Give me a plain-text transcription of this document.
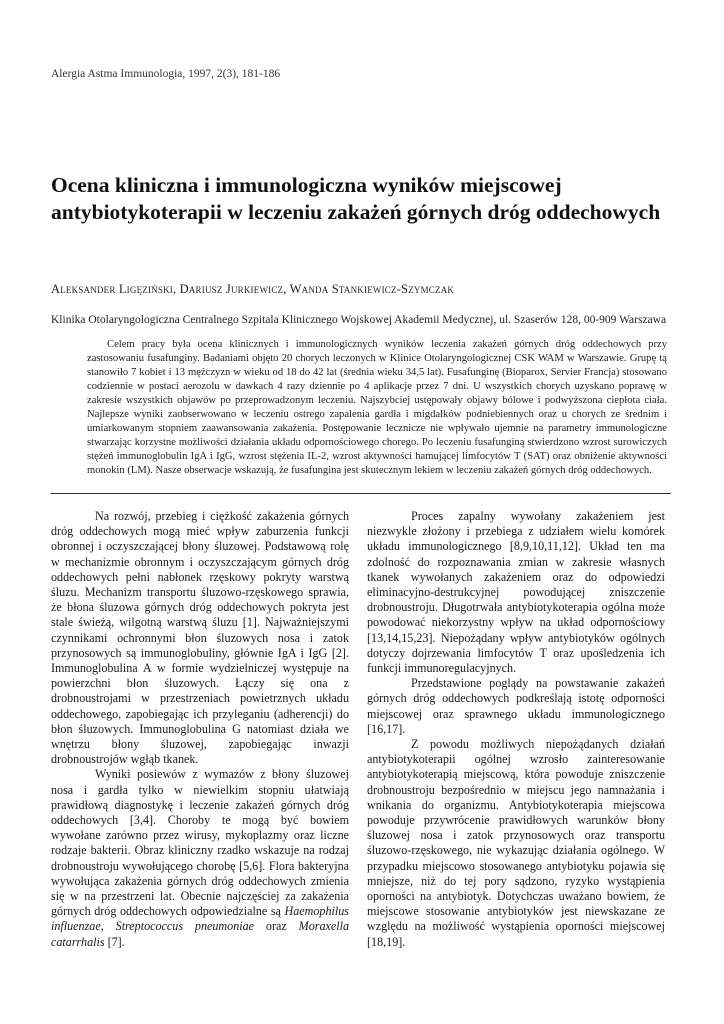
Alergia Astma Immunologia, 1997, 2(3), 181-186
Ocena kliniczna i immunologiczna wyników miejscowej antybiotykoterapii w leczeniu zakażeń górnych dróg oddechowych
Aleksander Ligęziński, Dariusz Jurkiewicz, Wanda Stankiewicz-Szymczak
Klinika Otolaryngologiczna Centralnego Szpitala Klinicznego Wojskowej Akademii Medycznej, ul. Szaserów 128, 00-909 Warszawa

Celem pracy była ocena klinicznych i immunologicznych wyników leczenia zakażeń górnych dróg oddechowych przy zastosowaniu fusafunginy. Badaniami objęto 20 chorych leczonych w Klinice Otolaryngologicznej CSK WAM w Warszawie. Grupę tą stanowiło 7 kobiet i 13 mężczyzn w wieku od 18 do 42 lat (średnia wieku 34,5 lat). Fusafunginę (Bioparox, Servier Francja) stosowano codziennie w postaci aerozolu w dawkach 4 razy dziennie po 4 aplikacje przez 7 dni. U wszystkich chorych uzyskano poprawę w zakresie wszystkich objawów po przeprowadzonym leczeniu. Najszybciej ustępowały objawy bólowe i podwyższona ciepłota ciała. Najlepsze wyniki zaobserwowano w leczeniu ostrego zapalenia gardła i migdałków podniebiennych oraz u chorych ze średnim i umiarkowanym stopniem zaawansowania zakażenia. Postępowanie lecznicze nie wpływało ujemnie na parametry immunologiczne stwarzając korzystne możliwości działania układu odpornościowego chorego. Po leczeniu fusafunginą stwierdzono wzrost surowiczych stężeń immunoglobulin IgA i IgG, wzrost stężenia IL-2, wzrost aktywności hamującej limfocytów T (SAT) oraz obniżenie aktywności monokin (LM). Nasze obserwacje wskazują, że fusafungina jest skutecznym lekiem w leczeniu zakażeń górnych dróg oddechowych.

Na rozwój, przebieg i ciężkość zakażenia górnych dróg oddechowych mogą mieć wpływ zaburzenia funkcji obronnej i oczyszczającej błony śluzowej. Podstawową rolę w mechanizmie obronnym i oczyszczającym górnych dróg oddechowych pełni nabłonek rzęskowy pokryty warstwą śluzu. Mechanizm transportu śluzowo-rzęskowego sprawia, że błona śluzowa górnych dróg oddechowych pokryta jest stale świeżą, wilgotną warstwą śluzu [1]. Najważniejszymi czynnikami ochronnymi błon śluzowych nosa i zatok przynosowych są immunoglobuliny, głównie IgA i IgG [2]. Immunoglobulina A w formie wydzielniczej występuje na powierzchni błon śluzowych. Łączy się ona z drobnoustrojami w przestrzeniach powietrznych układu oddechowego, zapobiegając ich przyleganiu (adherencji) do błon śluzowych. Immunoglobulina G natomiast działa we wnętrzu błony śluzowej, zapobiegając inwazji drobnoustrojów wgłąb tkanek.

Wyniki posiewów z wymazów z błony śluzowej nosa i gardła tylko w niewielkim stopniu ułatwiają prawidłową diagnostykę i leczenie zakażeń górnych dróg oddechowych [3,4]. Choroby te mogą być bowiem wywołane zarówno przez wirusy, mykoplazmy oraz liczne rodzaje bakterii. Obraz kliniczny rzadko wskazuje na rodzaj drobnoustroju wywołującego chorobę [5,6]. Flora bakteryjna wywołująca zakażenia górnych dróg oddechowych zmienia się w na przestrzeni lat. Obecnie najczęściej za zakażenia górnych dróg oddechowych odpowiedzialne są Haemophilus influenzae, Streptococcus pneumoniae oraz Moraxella catarrhalis [7].

Proces zapalny wywołany zakażeniem jest niezwykle złożony i przebiega z udziałem wielu komórek układu immunologicznego [8,9,10,11,12]. Układ ten ma zdolność do rozpoznawania zmian w zakresie własnych tkanek wywołanych zakażeniem oraz do odpowiedzi eliminacyjno-destrukcyjnej powodującej zniszczenie drobnoustroju. Długotrwała antybiotykoterapia ogólna może powodować niekorzystny wpływ na układ odpornościowy [13,14,15,23]. Niepożądany wpływ antybiotyków ogólnych dotyczy dojrzewania limfocytów T oraz upośledzenia ich funkcji immunoregulacyjnych.

Przedstawione poglądy na powstawanie zakażeń górnych dróg oddechowych podkreślają istotę odporności miejscowej oraz sprawnego układu immunologicznego [16,17].

Z powodu możliwych niepożądanych działań antybiotykoterapii ogólnej wzrosło zainteresowanie antybiotykoterapią miejscową, która powoduje zniszczenie drobnoustroju bezpośrednio w miejscu jego namnażania i wnikania do organizmu. Antybiotykoterapia miejscowa powoduje przywrócenie prawidłowych warunków błony śluzowej nosa i zatok przynosowych oraz transportu śluzowo-rzęskowego, nie wykazując działania ogólnego. W przypadku miejscowo stosowanego antybiotyku pojawia się mniejsze, niż do tej pory sądzono, ryzyko wystąpienia oporności na antybiotyk. Dotychczas uważano bowiem, że miejscowe stosowanie antybiotyków jest niewskazane ze względu na możliwość wystąpienia oporności miejscowej [18,19].
